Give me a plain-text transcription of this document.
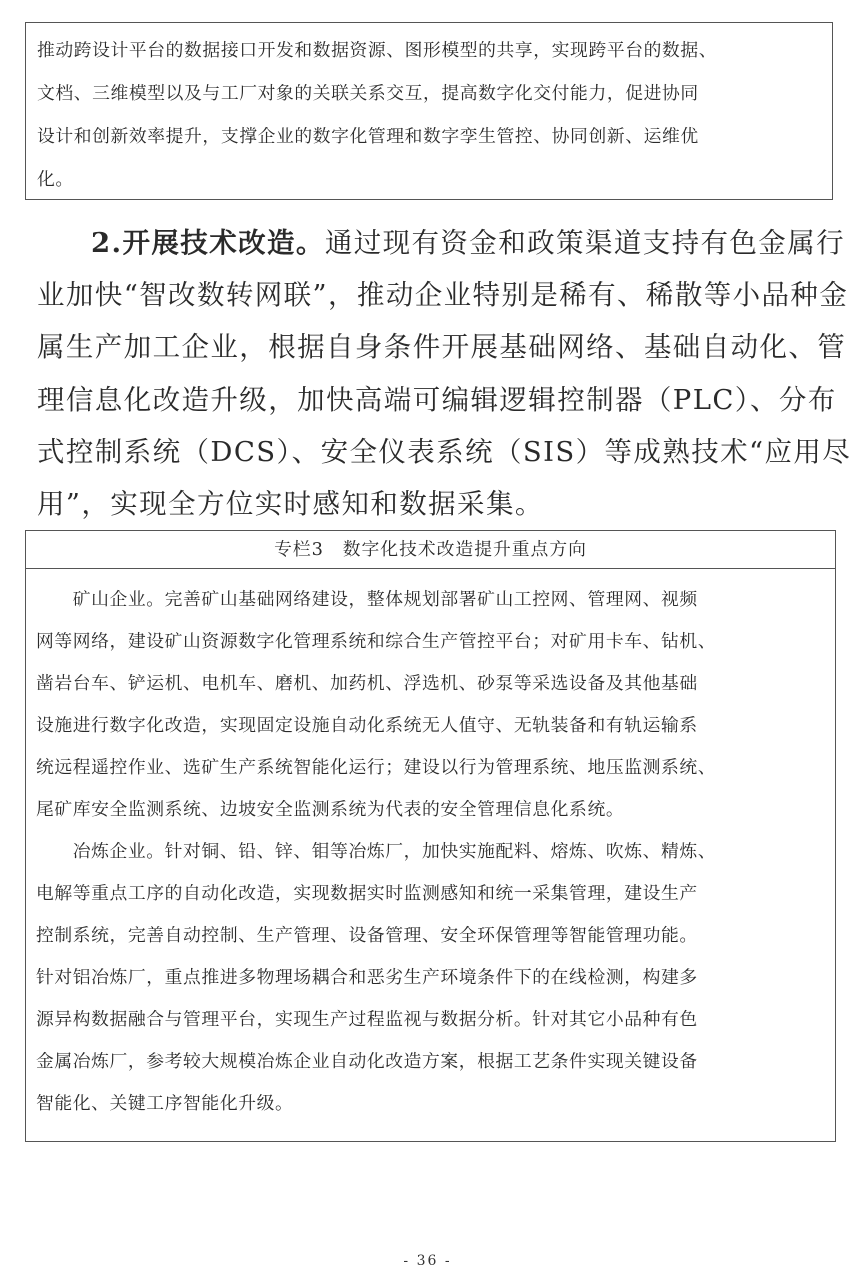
推动跨设计平台的数据接口开发和数据资源、图形模型的共享，实现跨平台的数据、
文档、三维模型以及与工厂对象的关联关系交互，提高数字化交付能力，促进协同
设计和创新效率提升，支撑企业的数字化管理和数字孪生管控、协同创新、运维优
化。
2.开展技术改造。通过现有资金和政策渠道支持有色金属行
业加快“智改数转网联”，推动企业特别是稀有、稀散等小品种金
属生产加工企业，根据自身条件开展基础网络、基础自动化、管
理信息化改造升级，加快高端可编辑逻辑控制器（PLC）、分布
式控制系统（DCS）、安全仪表系统（SIS）等成熟技术“应用尽
用”，实现全方位实时感知和数据采集。
专栏3　数字化技术改造提升重点方向
　　矿山企业。完善矿山基础网络建设，整体规划部署矿山工控网、管理网、视频
网等网络，建设矿山资源数字化管理系统和综合生产管控平台；对矿用卡车、钻机、
凿岩台车、铲运机、电机车、磨机、加药机、浮选机、砂泵等采选设备及其他基础
设施进行数字化改造，实现固定设施自动化系统无人值守、无轨装备和有轨运输系
统远程遥控作业、选矿生产系统智能化运行；建设以行为管理系统、地压监测系统、
尾矿库安全监测系统、边坡安全监测系统为代表的安全管理信息化系统。
　　冶炼企业。针对铜、铅、锌、钼等冶炼厂，加快实施配料、熔炼、吹炼、精炼、
电解等重点工序的自动化改造，实现数据实时监测感知和统一采集管理，建设生产
控制系统，完善自动控制、生产管理、设备管理、安全环保管理等智能管理功能。
针对铝冶炼厂，重点推进多物理场耦合和恶劣生产环境条件下的在线检测，构建多
源异构数据融合与管理平台，实现生产过程监视与数据分析。针对其它小品种有色
金属冶炼厂，参考较大规模冶炼企业自动化改造方案，根据工艺条件实现关键设备
智能化、关键工序智能化升级。
- 36 -
